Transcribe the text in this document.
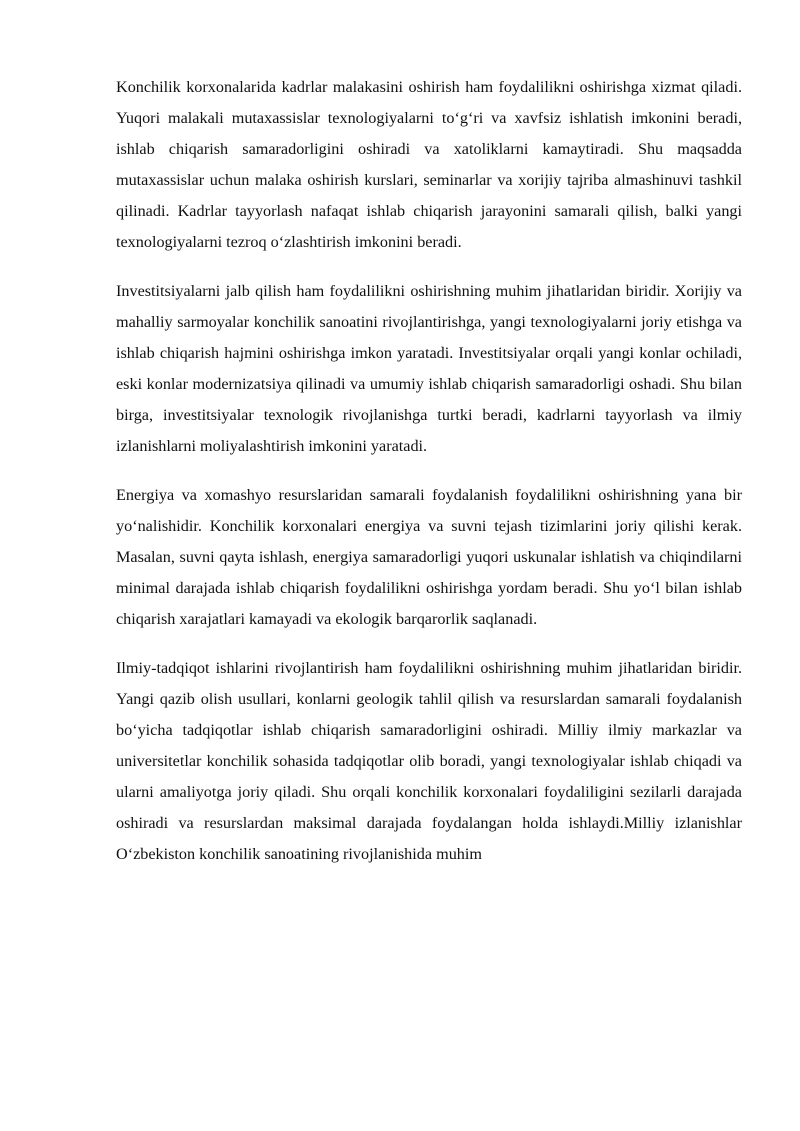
Konchilik korxonalarida kadrlar malakasini oshirish ham foydalilikni oshirishga xizmat qiladi. Yuqori malakali mutaxassislar texnologiyalarni to‘g‘ri va xavfsiz ishlatish imkonini beradi, ishlab chiqarish samaradorligini oshiradi va xatoliklarni kamaytiradi. Shu maqsadda mutaxassislar uchun malaka oshirish kurslari, seminarlar va xorijiy tajriba almashinuvi tashkil qilinadi. Kadrlar tayyorlash nafaqat ishlab chiqarish jarayonini samarali qilish, balki yangi texnologiyalarni tezroq o‘zlashtirish imkonini beradi.

Investitsiyalarni jalb qilish ham foydalilikni oshirishning muhim jihatlaridan biridir. Xorijiy va mahalliy sarmoyalar konchilik sanoatini rivojlantirishga, yangi texnologiyalarni joriy etishga va ishlab chiqarish hajmini oshirishga imkon yaratadi. Investitsiyalar orqali yangi konlar ochiladi, eski konlar modernizatsiya qilinadi va umumiy ishlab chiqarish samaradorligi oshadi. Shu bilan birga, investitsiyalar texnologik rivojlanishga turtki beradi, kadrlarni tayyorlash va ilmiy izlanishlarni moliyalashtirish imkonini yaratadi.

Energiya va xomashyo resurslaridan samarali foydalanish foydalilikni oshirishning yana bir yo‘nalishidir. Konchilik korxonalari energiya va suvni tejash tizimlarini joriy qilishi kerak. Masalan, suvni qayta ishlash, energiya samaradorligi yuqori uskunalar ishlatish va chiqindilarni minimal darajada ishlab chiqarish foydalilikni oshirishga yordam beradi. Shu yo‘l bilan ishlab chiqarish xarajatlari kamayadi va ekologik barqarorlik saqlanadi.

Ilmiy-tadqiqot ishlarini rivojlantirish ham foydalilikni oshirishning muhim jihatlaridan biridir. Yangi qazib olish usullari, konlarni geologik tahlil qilish va resurslardan samarali foydalanish bo‘yicha tadqiqotlar ishlab chiqarish samaradorligini oshiradi. Milliy ilmiy markazlar va universitetlar konchilik sohasida tadqiqotlar olib boradi, yangi texnologiyalar ishlab chiqadi va ularni amaliyotga joriy qiladi. Shu orqali konchilik korxonalari foydaliligini sezilarli darajada oshiradi va resurslardan maksimal darajada foydalangan holda ishlaydi.Milliy izlanishlar O‘zbekiston konchilik sanoatining rivojlanishida muhim
